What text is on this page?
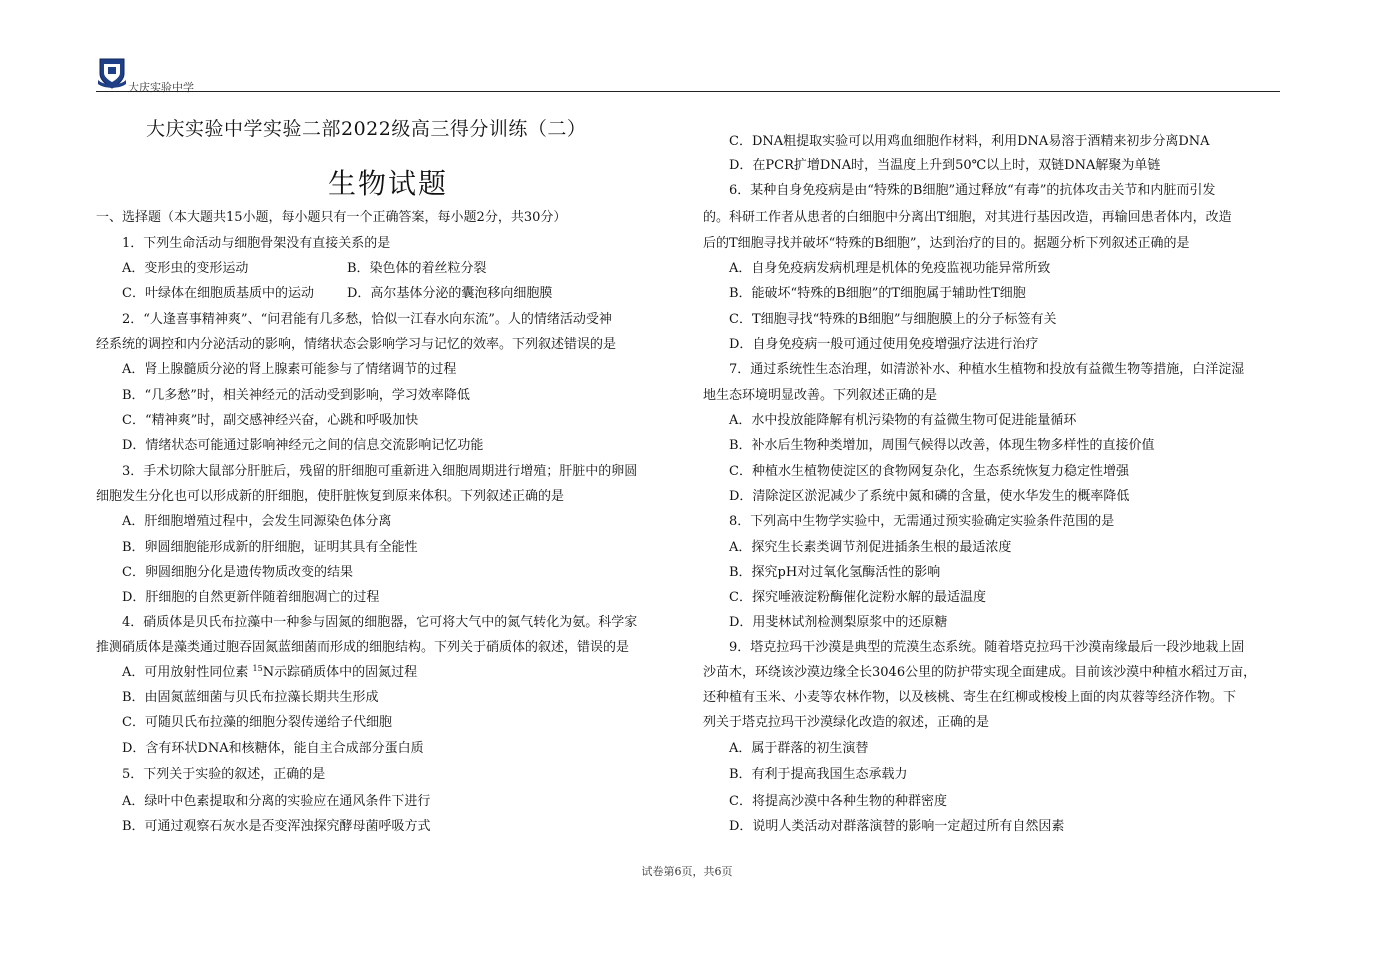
大庆实验中学
大庆实验中学实验二部2022级高三得分训练（二）
生物试题
一、选择题（本大题共15小题，每小题只有一个正确答案，每小题2分，共30分）
1．下列生命活动与细胞骨架没有直接关系的是
A．变形虫的变形运动	B．染色体的着丝粒分裂
C．叶绿体在细胞质基质中的运动	D．高尔基体分泌的囊泡移向细胞膜
2．“人逢喜事精神爽”、“问君能有几多愁，恰似一江春水向东流”。人的情绪活动受神
经系统的调控和内分泌活动的影响，情绪状态会影响学习与记忆的效率。下列叙述错误的是
A．肾上腺髓质分泌的肾上腺素可能参与了情绪调节的过程
B．“几多愁”时，相关神经元的活动受到影响，学习效率降低
C．“精神爽”时，副交感神经兴奋，心跳和呼吸加快
D．情绪状态可能通过影响神经元之间的信息交流影响记忆功能
3．手术切除大鼠部分肝脏后，残留的肝细胞可重新进入细胞周期进行增殖；肝脏中的卵圆
细胞发生分化也可以形成新的肝细胞，使肝脏恢复到原来体积。下列叙述正确的是
A．肝细胞增殖过程中，会发生同源染色体分离
B．卵圆细胞能形成新的肝细胞，证明其具有全能性
C．卵圆细胞分化是遗传物质改变的结果
D．肝细胞的自然更新伴随着细胞凋亡的过程
4．硝质体是贝氏布拉藻中一种参与固氮的细胞器，它可将大气中的氮气转化为氨。科学家
推测硝质体是藻类通过胞吞固氮蓝细菌而形成的细胞结构。下列关于硝质体的叙述，错误的是
A．可用放射性同位素 $^{15}$N示踪硝质体中的固氮过程
B．由固氮蓝细菌与贝氏布拉藻长期共生形成
C．可随贝氏布拉藻的细胞分裂传递给子代细胞
D．含有环状DNA和核糖体，能自主合成部分蛋白质
5．下列关于实验的叙述，正确的是
A．绿叶中色素提取和分离的实验应在通风条件下进行
B．可通过观察石灰水是否变浑浊探究酵母菌呼吸方式
C．DNA粗提取实验可以用鸡血细胞作材料，利用DNA易溶于酒精来初步分离DNA
D．在PCR扩增DNA时，当温度上升到50℃以上时，双链DNA解聚为单链
6．某种自身免疫病是由“特殊的B细胞”通过释放“有毒”的抗体攻击关节和内脏而引发
的。科研工作者从患者的白细胞中分离出T细胞，对其进行基因改造，再输回患者体内，改造
后的T细胞寻找并破坏“特殊的B细胞”，达到治疗的目的。据题分析下列叙述正确的是
A．自身免疫病发病机理是机体的免疫监视功能异常所致
B．能破坏“特殊的B细胞”的T细胞属于辅助性T细胞
C．T细胞寻找“特殊的B细胞”与细胞膜上的分子标签有关
D．自身免疫病一般可通过使用免疫增强疗法进行治疗
7．通过系统性生态治理，如清淤补水、种植水生植物和投放有益微生物等措施，白洋淀湿
地生态环境明显改善。下列叙述正确的是
A．水中投放能降解有机污染物的有益微生物可促进能量循环
B．补水后生物种类增加，周围气候得以改善，体现生物多样性的直接价值
C．种植水生植物使淀区的食物网复杂化，生态系统恢复力稳定性增强
D．清除淀区淤泥减少了系统中氮和磷的含量，使水华发生的概率降低
8．下列高中生物学实验中，无需通过预实验确定实验条件范围的是
A．探究生长素类调节剂促进插条生根的最适浓度
B．探究pH对过氧化氢酶活性的影响
C．探究唾液淀粉酶催化淀粉水解的最适温度
D．用斐林试剂检测梨原浆中的还原糖
9．塔克拉玛干沙漠是典型的荒漠生态系统。随着塔克拉玛干沙漠南缘最后一段沙地栽上固
沙苗木，环绕该沙漠边缘全长3046公里的防护带实现全面建成。目前该沙漠中种植水稻过万亩，
还种植有玉米、小麦等农林作物，以及核桃、寄生在红柳或梭梭上面的肉苁蓉等经济作物。下
列关于塔克拉玛干沙漠绿化改造的叙述，正确的是
A．属于群落的初生演替
B．有利于提高我国生态承载力
C．将提高沙漠中各种生物的种群密度
D．说明人类活动对群落演替的影响一定超过所有自然因素
试卷第6页，共6页
